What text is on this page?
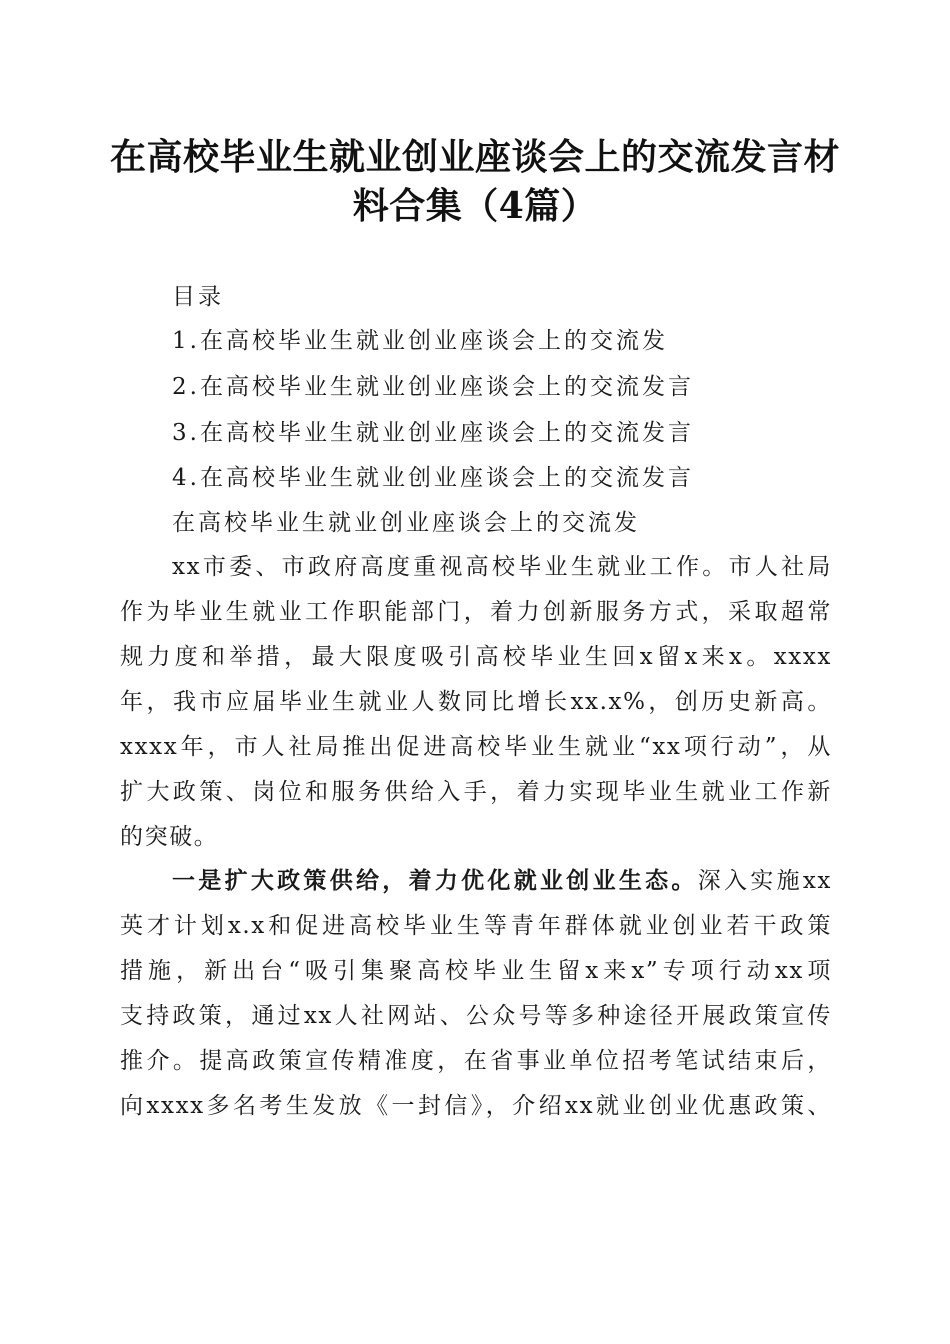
在高校毕业生就业创业座谈会上的交流发言材
料合集（4篇）
目录
1.在高校毕业生就业创业座谈会上的交流发
2.在高校毕业生就业创业座谈会上的交流发言
3.在高校毕业生就业创业座谈会上的交流发言
4.在高校毕业生就业创业座谈会上的交流发言
在高校毕业生就业创业座谈会上的交流发
xx市委、市政府高度重视高校毕业生就业工作。市人社局
作为毕业生就业工作职能部门，着力创新服务方式，采取超常
规力度和举措，最大限度吸引高校毕业生回x留x来x。xxxx
年，我市应届毕业生就业人数同比增长xx.x%，创历史新高。
xxxx年，市人社局推出促进高校毕业生就业“xx项行动”，从
扩大政策、岗位和服务供给入手，着力实现毕业生就业工作新
的突破。
一是扩大政策供给，着力优化就业创业生态。深入实施xx
英才计划x.x和促进高校毕业生等青年群体就业创业若干政策
措施，新出台“吸引集聚高校毕业生留x来x”专项行动xx项
支持政策，通过xx人社网站、公众号等多种途径开展政策宣传
推介。提高政策宣传精准度，在省事业单位招考笔试结束后，
向xxxx多名考生发放《一封信》，介绍xx就业创业优惠政策、
